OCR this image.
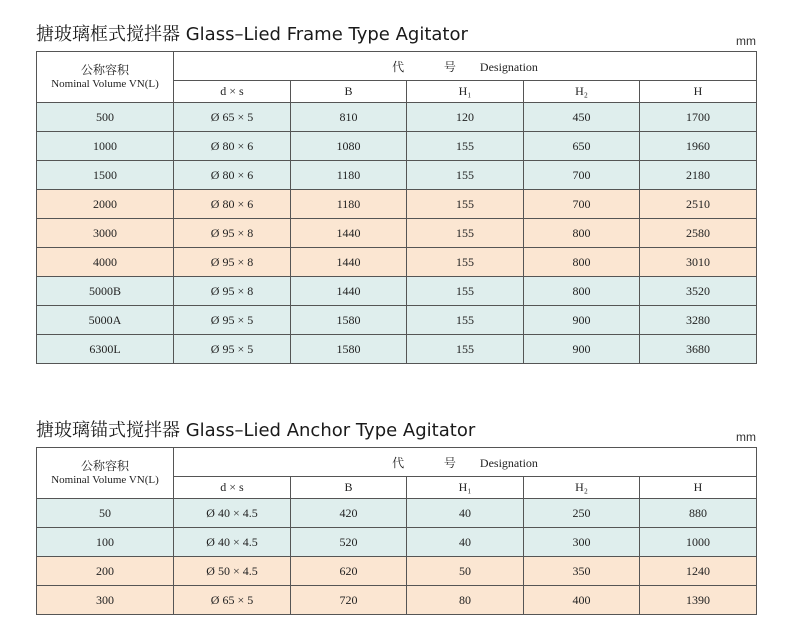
搪玻璃框式搅拌器 Glass–Lied Frame Type Agitator	mm
公称容积
Nominal Volume VN(L)	代 号 Designation				
	d × s	B	H₁	H₂	H
500	Ø 65 × 5	810	120	450	1700
1000	Ø 80 × 6	1080	155	650	1960
1500	Ø 80 × 6	1180	155	700	2180
2000	Ø 80 × 6	1180	155	700	2510
3000	Ø 95 × 8	1440	155	800	2580
4000	Ø 95 × 8	1440	155	800	3010
5000B	Ø 95 × 8	1440	155	800	3520
5000A	Ø 95 × 5	1580	155	900	3280
6300L	Ø 95 × 5	1580	155	900	3680
搪玻璃锚式搅拌器 Glass–Lied Anchor Type Agitator	mm
公称容积
Nominal Volume VN(L)	代 号 Designation				
	d × s	B	H₁	H₂	H
50	Ø 40 × 4.5	420	40	250	880
100	Ø 40 × 4.5	520	40	300	1000
200	Ø 50 × 4.5	620	50	350	1240
300	Ø 65 × 5	720	80	400	1390
